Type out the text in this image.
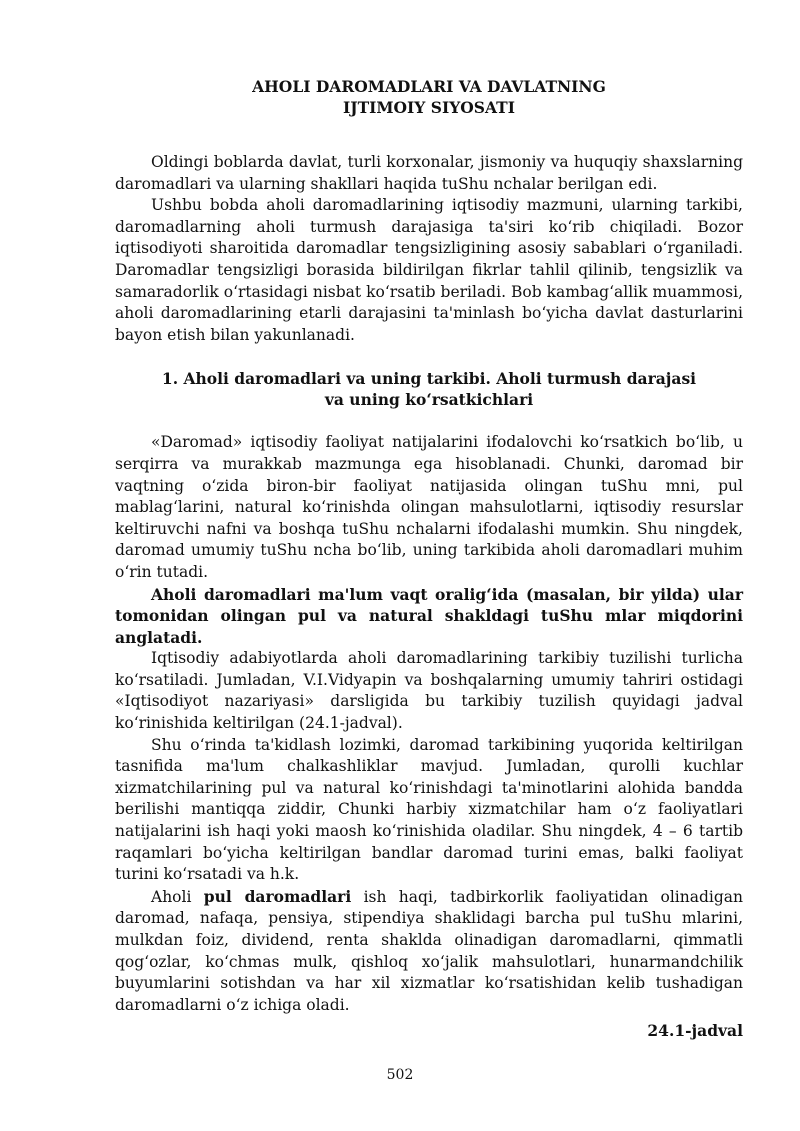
AHOLI DAROMADLARI VA DAVLATNING
IJTIMOIY SIYOSATI

Oldingi boblarda davlat, turli korxonalar, jismoniy va huquqiy shaxslarning daromadlari va ularning shakllari haqida tuShu nchalar berilgan edi.

Ushbu bobda aholi daromadlarining iqtisodiy mazmuni, ularning tarkibi, daromadlarning aholi turmush darajasiga ta'siri ko‘rib chiqiladi. Bozor iqtisodiyoti sharoitida daromadlar tengsizligining asosiy sabablari o‘rganiladi. Daromadlar tengsizligi borasida bildirilgan fikrlar tahlil qilinib, tengsizlik va samaradorlik o‘rtasidagi nisbat ko‘rsatib beriladi. Bob kambag‘allik muammosi, aholi daromadlarining etarli darajasini ta'minlash bo‘yicha davlat dasturlarini bayon etish bilan yakunlanadi.

1. Aholi daromadlari va uning tarkibi. Aholi turmush darajasi
va uning ko‘rsatkichlari

«Daromad» iqtisodiy faoliyat natijalarini ifodalovchi ko‘rsatkich bo‘lib, u serqirra va murakkab mazmunga ega hisoblanadi. Chunki, daromad bir vaqtning o‘zida biron-bir faoliyat natijasida olingan tuShu mni, pul mablag‘larini, natural ko‘rinishda olingan mahsulotlarni, iqtisodiy resurslar keltiruvchi nafni va boshqa tuShu nchalarni ifodalashi mumkin. Shu ningdek, daromad umumiy tuShu ncha bo‘lib, uning tarkibida aholi daromadlari muhim o‘rin tutadi.

Aholi daromadlari ma'lum vaqt oralig‘ida (masalan, bir yilda) ular tomonidan olingan pul va natural shakldagi tuShu mlar miqdorini anglatadi.

Iqtisodiy adabiyotlarda aholi daromadlarining tarkibiy tuzilishi turlicha ko‘rsatiladi. Jumladan, V.I.Vidyapin va boshqalarning umumiy tahriri ostidagi «Iqtisodiyot nazariyasi» darsligida bu tarkibiy tuzilish quyidagi jadval ko‘rinishida keltirilgan (24.1-jadval).

Shu o‘rinda ta'kidlash lozimki, daromad tarkibining yuqorida keltirilgan tasnifida ma'lum chalkashliklar mavjud. Jumladan, qurolli kuchlar xizmatchilarining pul va natural ko‘rinishdagi ta'minotlarini alohida bandda berilishi mantiqqa ziddir, Chunki harbiy xizmatchilar ham o‘z faoliyatlari natijalarini ish haqi yoki maosh ko‘rinishida oladilar. Shu ningdek, 4 – 6 tartib raqamlari bo‘yicha keltirilgan bandlar daromad turini emas, balki faoliyat turini ko‘rsatadi va h.k.

Aholi pul daromadlari ish haqi, tadbirkorlik faoliyatidan olinadigan daromad, nafaqa, pensiya, stipendiya shaklidagi barcha pul tuShu mlarini, mulkdan foiz, dividend, renta shaklda olinadigan daromadlarni, qimmatli qog‘ozlar, ko‘chmas mulk, qishloq xo‘jalik mahsulotlari, hunarmandchilik buyumlarini sotishdan va har xil xizmatlar ko‘rsatishidan kelib tushadigan daromadlarni o‘z ichiga oladi.

24.1-jadval
502
